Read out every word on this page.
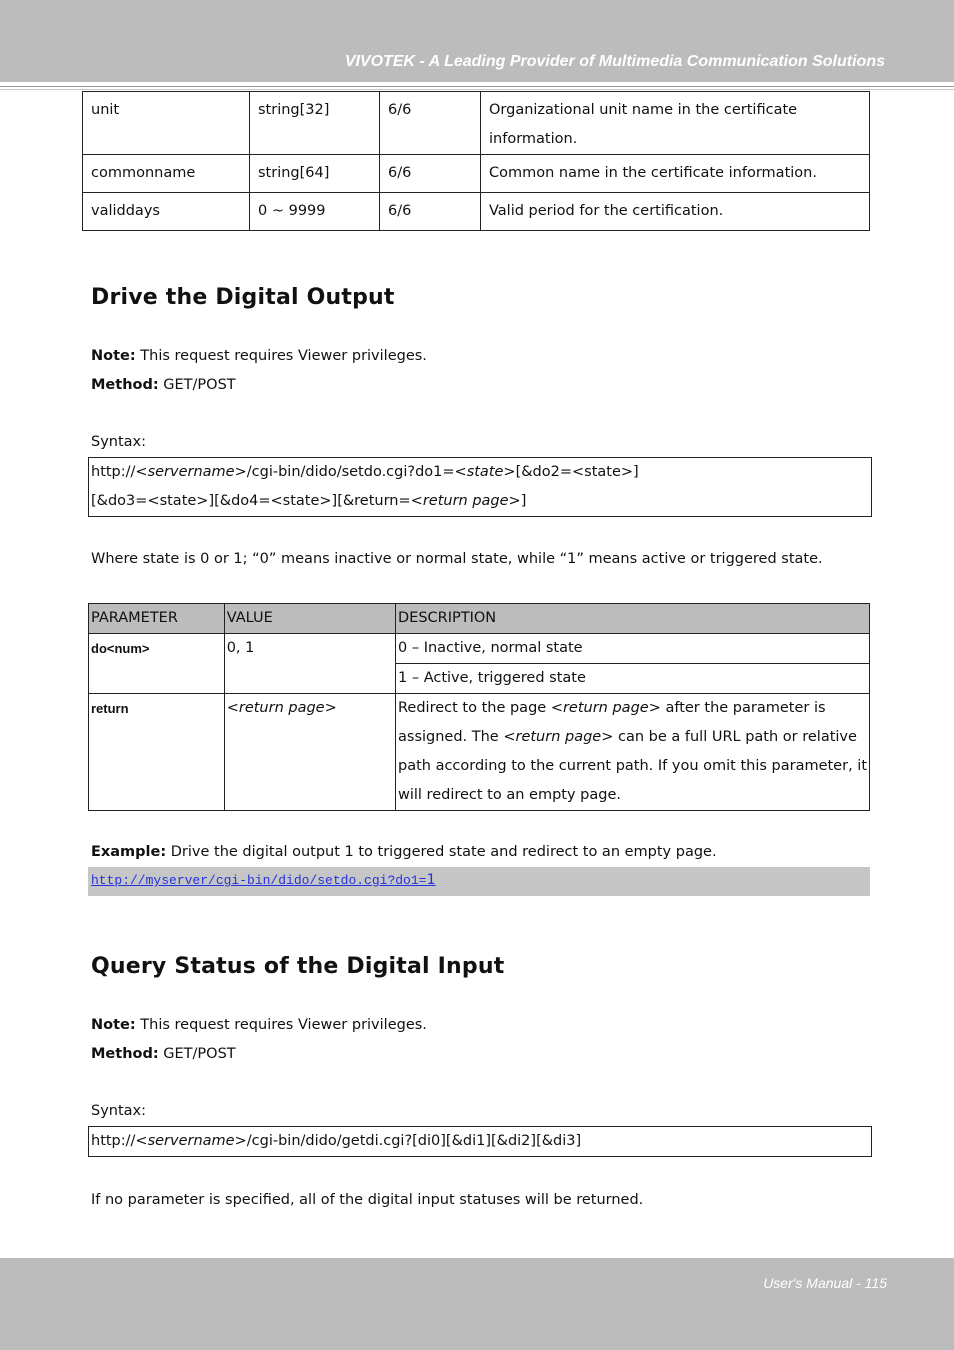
VIVOTEK - A Leading Provider of Multimedia Communication Solutions
unit	string[32]	6/6	Organizational unit name in the certificate
information.
commonname	string[64]	6/6	Common name in the certificate information.
validdays	0 ~ 9999	6/6	Valid period for the certification.
Drive the Digital Output

Note: This request requires Viewer privileges.

Method: GET/POST

Syntax:

http://<servername>/cgi-bin/dido/setdo.cgi?do1=<state>[&do2=<state>]
[&do3=<state>][&do4=<state>][&return=<return page>]

Where state is 0 or 1; “0” means inactive or normal state, while “1” means active or triggered state.

PARAMETER	VALUE	DESCRIPTION
do<num>	0, 1	0 – Inactive, normal state
		1 – Active, triggered state
return	<return page>	Redirect to the page <return page> after the parameter is
assigned. The <return page> can be a full URL path or relative
path according to the current path. If you omit this parameter, it
will redirect to an empty page.

Example: Drive the digital output 1 to triggered state and redirect to an empty page.

http://myserver/cgi-bin/dido/setdo.cgi?do1=1
Query Status of the Digital Input

Note: This request requires Viewer privileges.

Method: GET/POST

Syntax:

http://<servername>/cgi-bin/dido/getdi.cgi?[di0][&di1][&di2][&di3]

If no parameter is specified, all of the digital input statuses will be returned.

User's Manual - 115
